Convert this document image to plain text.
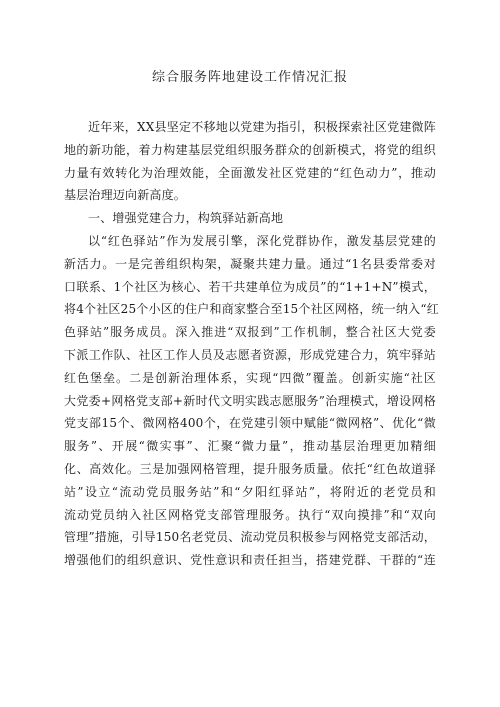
综合服务阵地建设工作情况汇报
近年来，XX县坚定不移地以党建为指引，积极探索社区党建微阵
地的新功能，着力构建基层党组织服务群众的创新模式，将党的组织
力量有效转化为治理效能，全面激发社区党建的“红色动力”，推动
基层治理迈向新高度。
一、增强党建合力，构筑驿站新高地
以“红色驿站”作为发展引擎，深化党群协作，激发基层党建的
新活力。一是完善组织构架，凝聚共建力量。通过“1名县委常委对
口联系、1个社区为核心、若干共建单位为成员”的“1+1+N”模式，
将4个社区25个小区的住户和商家整合至15个社区网格，统一纳入“红
色驿站”服务成员。深入推进“双报到”工作机制，整合社区大党委
下派工作队、社区工作人员及志愿者资源，形成党建合力，筑牢驿站
红色堡垒。二是创新治理体系，实现“四微”覆盖。创新实施“社区
大党委+网格党支部+新时代文明实践志愿服务”治理模式，增设网格
党支部15个、微网格400个，在党建引领中赋能“微网格”、优化“微
服务”、开展“微实事”、汇聚“微力量”，推动基层治理更加精细
化、高效化。三是加强网格管理，提升服务质量。依托“红色故道驿
站”设立“流动党员服务站”和“夕阳红驿站”，将附近的老党员和
流动党员纳入社区网格党支部管理服务。执行“双向摸排”和“双向
管理”措施，引导150名老党员、流动党员积极参与网格党支部活动，
增强他们的组织意识、党性意识和责任担当，搭建党群、干群的“连
